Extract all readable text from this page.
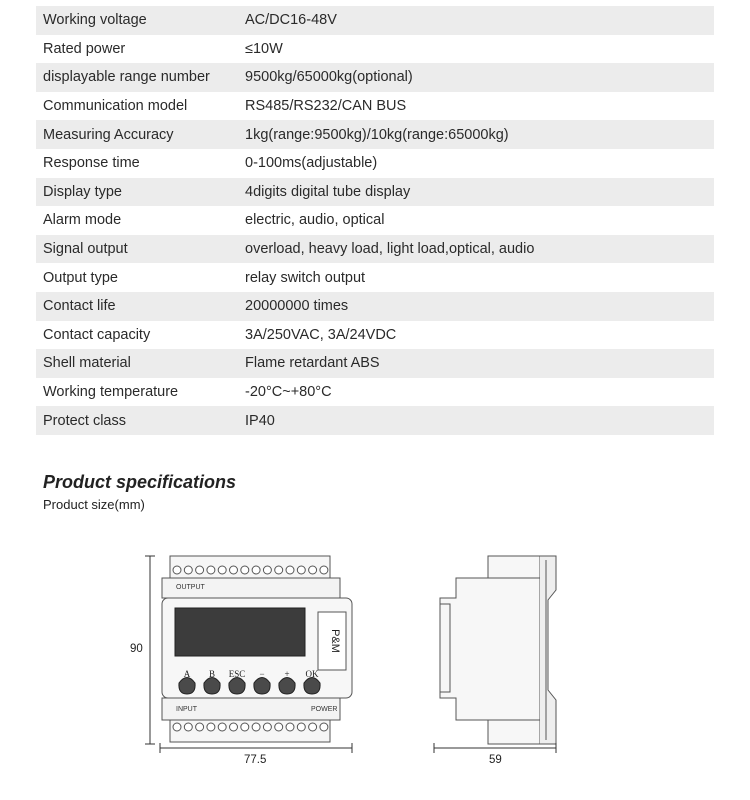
Working voltage	AC/DC16-48V
Rated power	≤10W
displayable range number	9500kg/65000kg(optional)
Communication model	RS485/RS232/CAN BUS
Measuring Accuracy	1kg(range:9500kg)/10kg(range:65000kg)
Response time	0-100ms(adjustable)
Display type	4digits digital tube display
Alarm mode	electric, audio, optical
Signal output	overload, heavy load, light load,optical, audio
Output type	relay switch output
Contact life	20000000 times
Contact capacity	3A/250VAC, 3A/24VDC
Shell material	Flame retardant ABS
Working temperature	-20°C~+80°C
Protect class	IP40
Product specifications
Product size(mm)
P&M
OUTPUT
INPUT	POWER
A B ESC − + OK
90
77.5	59
